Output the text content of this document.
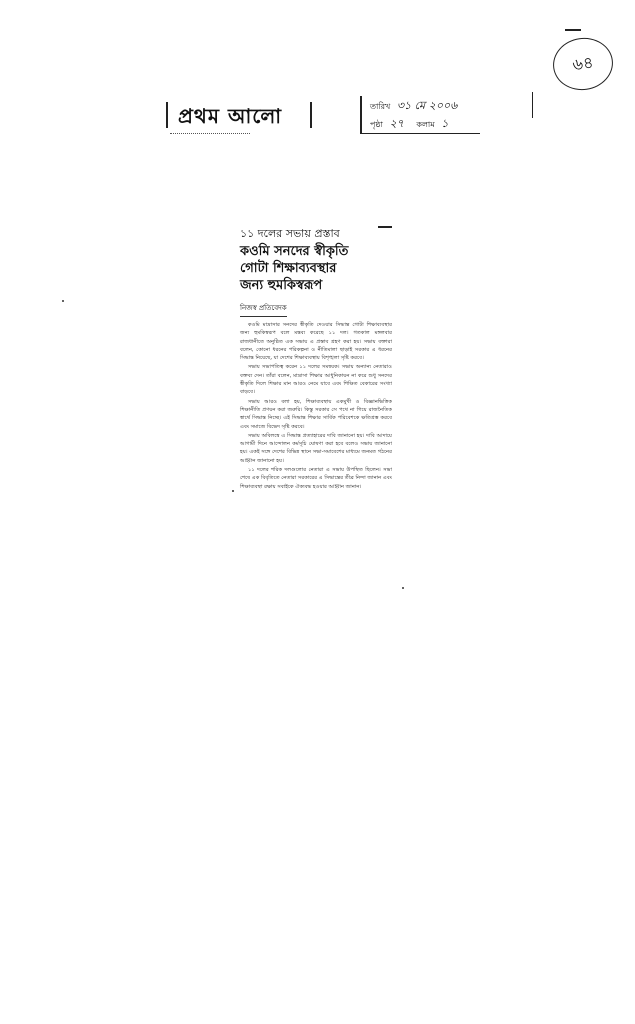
৬৪
প্রথম আলো	তারিখ ৩১ মে ২০০৬
পৃষ্ঠা ২৭ কলাম ১
১১ দলের সভায় প্রস্তাব
কওমি সনদের স্বীকৃতি
গোটা শিক্ষাব্যবস্থার
জন্য হুমকিস্বরূপ
নিজস্ব প্রতিবেদক

কওমি মাদ্রাসার সনদের স্বীকৃতি দেওয়ার সিদ্ধান্ত গোটা শিক্ষাব্যবস্থার জন্য হুমকিস্বরূপ বলে মন্তব্য করেছে ১১ দল। গতকাল মঙ্গলবার রাজধানীতে অনুষ্ঠিত এক সভায় এ প্রস্তাব গ্রহণ করা হয়। সভায় বক্তারা বলেন, কোনো ধরনের পরিকল্পনা ও নীতিমালা ছাড়াই সরকার এ ধরনের সিদ্ধান্ত নিয়েছে, যা দেশের শিক্ষাব্যবস্থায় বিশৃঙ্খলা সৃষ্টি করবে।

সভায় সভাপতিত্ব করেন ১১ দলের সমন্বয়ক। সভায় অন্যান্য নেতারাও বক্তব্য দেন। তাঁরা বলেন, মাদ্রাসা শিক্ষার আধুনিকায়ন না করে শুধু সনদের স্বীকৃতি দিলে শিক্ষার মান আরও নেমে যাবে এবং শিক্ষিত বেকারের সংখ্যা বাড়বে।

সভায় আরও বলা হয়, শিক্ষাব্যবস্থায় একমুখী ও বিজ্ঞানভিত্তিক শিক্ষানীতি প্রণয়ন করা জরুরি। কিন্তু সরকার সে পথে না গিয়ে রাজনৈতিক স্বার্থে সিদ্ধান্ত নিচ্ছে। এই সিদ্ধান্ত শিক্ষার সার্বিক পরিবেশকে ক্ষতিগ্রস্ত করবে এবং সমাজে বিভেদ সৃষ্টি করবে।

সভায় অবিলম্বে এ সিদ্ধান্ত প্রত্যাহারের দাবি জানানো হয়। দাবি আদায়ে আগামী দিনে আন্দোলন কর্মসূচি ঘোষণা করা হবে বলেও সভায় জানানো হয়। একই সঙ্গে দেশের বিভিন্ন স্থানে সভা-সমাবেশের মাধ্যমে জনমত গঠনের আহ্বান জানানো হয়।

১১ দলের শরিক দলগুলোর নেতারা এ সভায় উপস্থিত ছিলেন। সভা শেষে এক বিবৃতিতে নেতারা সরকারের এ সিদ্ধান্তের তীব্র নিন্দা জানান এবং শিক্ষাব্যবস্থা রক্ষায় সবাইকে ঐক্যবদ্ধ হওয়ার আহ্বান জানান।
